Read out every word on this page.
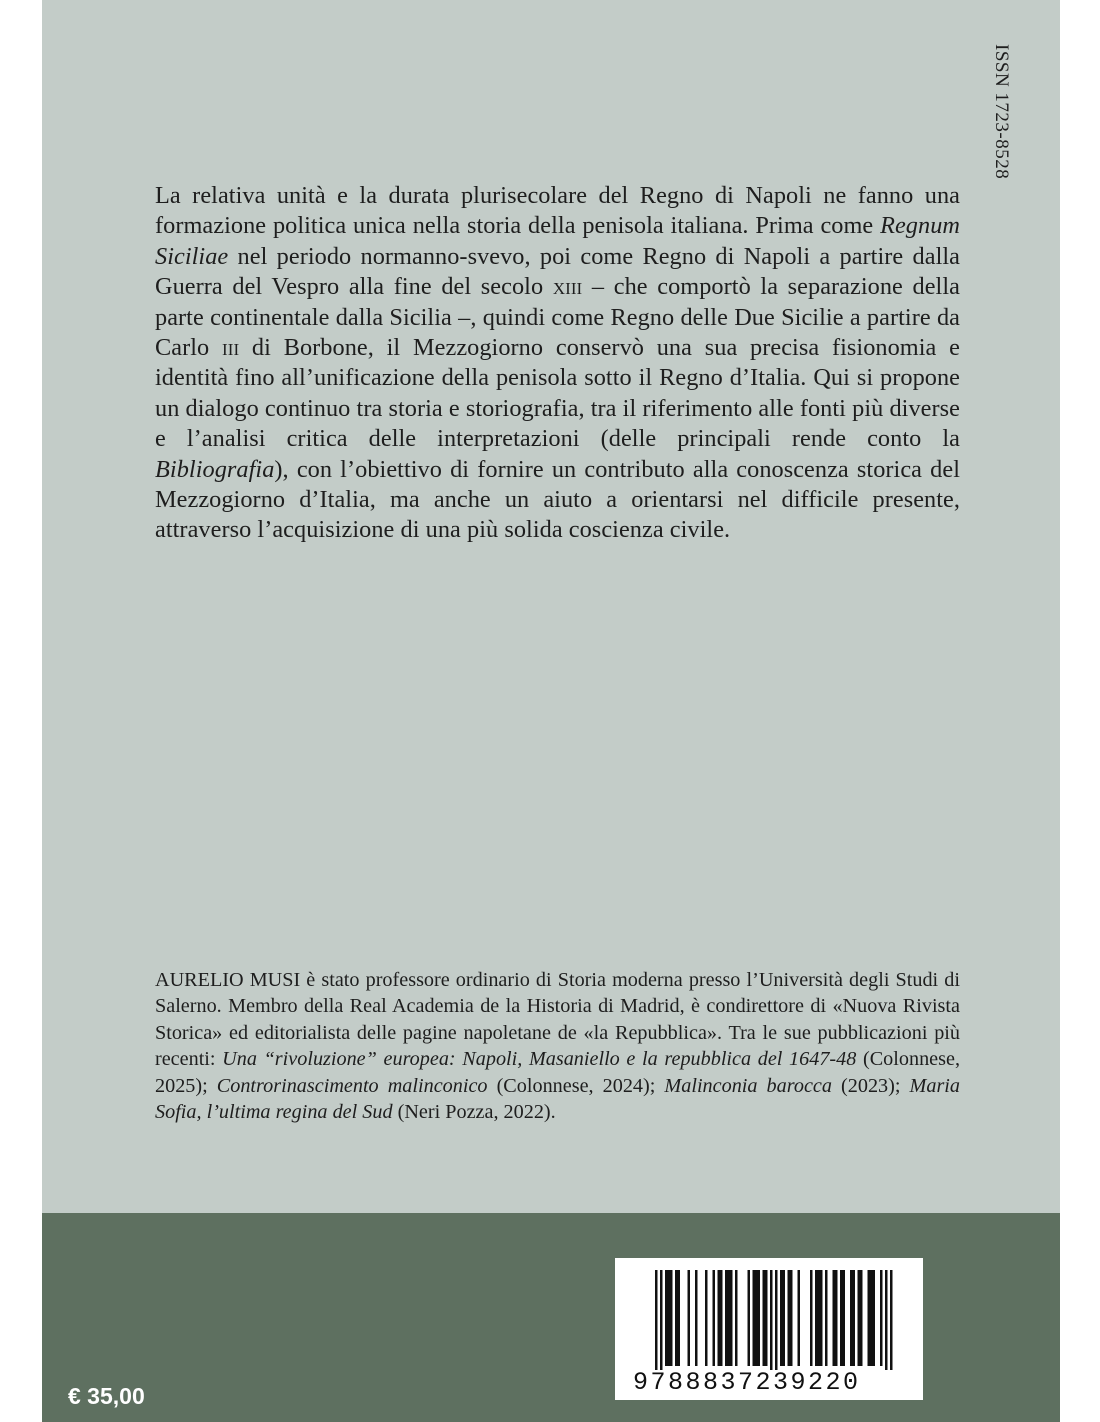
ISSN 1723-8528
La relativa unità e la durata plurisecolare del Regno di Napoli ne fanno una formazione politica unica nella storia della penisola italiana. Prima come Regnum Siciliae nel periodo normanno-svevo, poi come Regno di Napoli a partire dalla Guerra del Vespro alla fine del secolo xiii – che comportò la separazione della parte continentale dalla Sicilia –, quindi come Regno delle Due Sicilie a partire da Carlo iii di Borbone, il Mezzogiorno conservò una sua precisa fisionomia e identità fino all’unificazione della penisola sotto il Regno d’Italia. Qui si propone un dialogo continuo tra storia e storiografia, tra il riferimento alle fonti più diverse e l’analisi critica delle interpretazioni (delle principali rende conto la Bibliografia), con l’obiettivo di fornire un contributo alla conoscenza storica del Mezzogiorno d’Italia, ma anche un aiuto a orientarsi nel difficile presente, attraverso l’acquisizione di una più solida coscienza civile.
AURELIO MUSI è stato professore ordinario di Storia moderna presso l’Università degli Studi di Salerno. Membro della Real Academia de la Historia di Madrid, è condirettore di «Nuova Rivista Storica» ed editorialista delle pagine napoletane de «la Repubblica». Tra le sue pubblicazioni più recenti: Una “rivoluzione” europea: Napoli, Masaniello e la repubblica del 1647-48 (Colonnese, 2025); Controrinascimento malinconico (Colonnese, 2024); Malinconia barocca (2023); Maria Sofia, l’ultima regina del Sud (Neri Pozza, 2022).
€ 35,00	9788837239220
